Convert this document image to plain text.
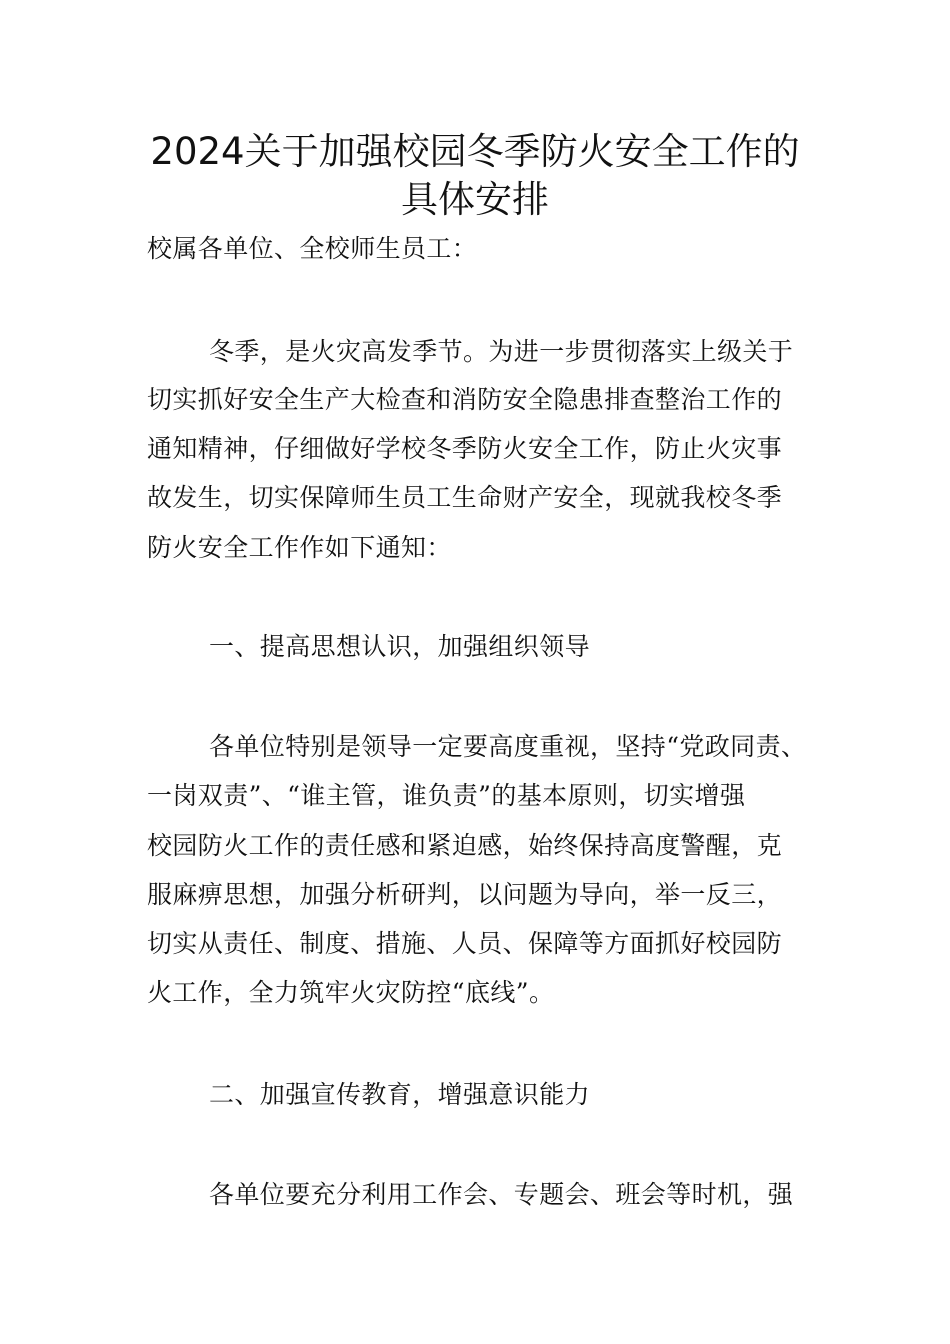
2024关于加强校园冬季防火安全工作的
具体安排
校属各单位、全校师生员工：
冬季，是火灾高发季节。为进一步贯彻落实上级关于
切实抓好安全生产大检查和消防安全隐患排查整治工作的
通知精神，仔细做好学校冬季防火安全工作，防止火灾事
故发生，切实保障师生员工生命财产安全，现就我校冬季
防火安全工作作如下通知：
一、提高思想认识，加强组织领导
各单位特别是领导一定要高度重视，坚持“党政同责、
一岗双责”、“谁主管，谁负责”的基本原则，切实增强
校园防火工作的责任感和紧迫感，始终保持高度警醒，克
服麻痹思想，加强分析研判，以问题为导向，举一反三，
切实从责任、制度、措施、人员、保障等方面抓好校园防
火工作，全力筑牢火灾防控“底线”。
二、加强宣传教育，增强意识能力
各单位要充分利用工作会、专题会、班会等时机，强
